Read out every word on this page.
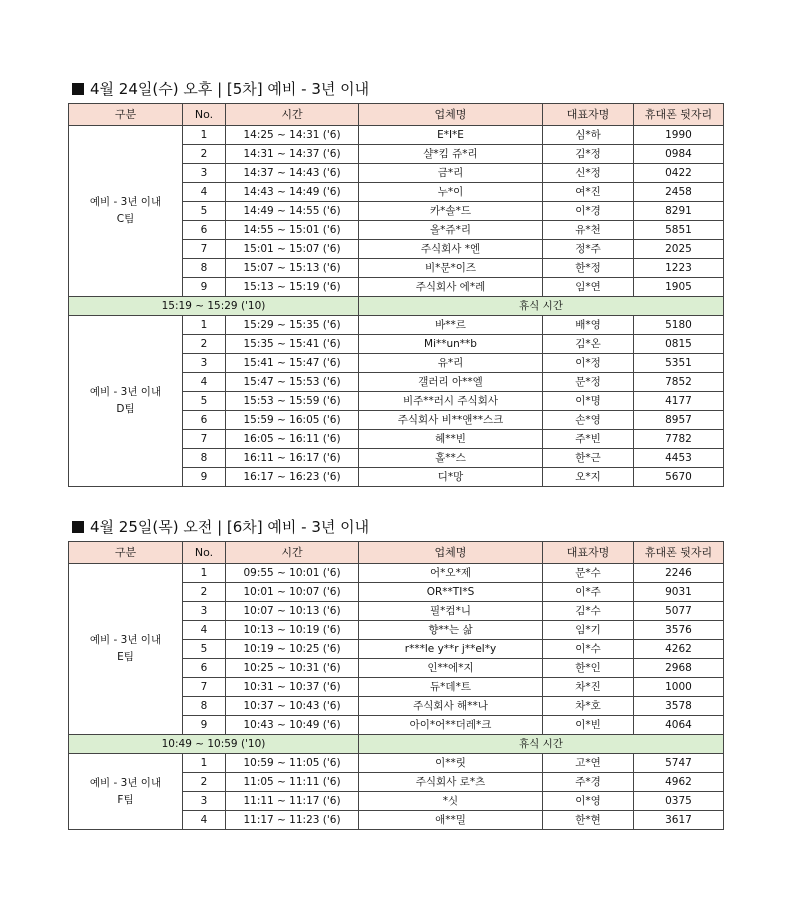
4월 24일(수) 오후 | [5차] 예비 - 3년 이내
구분	No.	시간	업체명	대표자명	휴대폰 뒷자리

예비 - 3년 이내
C팀	1	14:25 ~ 14:31 ('6)	E*I*E	심*하	1990
	2	14:31 ~ 14:37 ('6)	샬*킴 쥬*리	김*정	0984
	3	14:37 ~ 14:43 ('6)	금*리	신*정	0422
	4	14:43 ~ 14:49 ('6)	누*이	여*진	2458
	5	14:49 ~ 14:55 ('6)	카*솔*드	이*경	8291
	6	14:55 ~ 15:01 ('6)	올*쥬*리	유*천	5851
	7	15:01 ~ 15:07 ('6)	주식회사 *엔	정*주	2025
	8	15:07 ~ 15:13 ('6)	비*문*이즈	한*정	1223
	9	15:13 ~ 15:19 ('6)	주식회사 에*레	임*연	1905
15:19 ~ 15:29 ('10)			휴식 시간		

예비 - 3년 이내
D팀	1	15:29 ~ 15:35 ('6)	바**르	배*영	5180
	2	15:35 ~ 15:41 ('6)	Mi**un**b	김*온	0815
	3	15:41 ~ 15:47 ('6)	유*리	이*정	5351
	4	15:47 ~ 15:53 ('6)	갤러리 아**엘	문*정	7852
	5	15:53 ~ 15:59 ('6)	비주**러시 주식회사	이*명	4177
	6	15:59 ~ 16:05 ('6)	주식회사 비**앤**스크	손*영	8957
	7	16:05 ~ 16:11 ('6)	헤**빈	주*빈	7782
	8	16:11 ~ 16:17 ('6)	홀**스	한*근	4453
	9	16:17 ~ 16:23 ('6)	디*망	오*지	5670
4월 25일(목) 오전 | [6차] 예비 - 3년 이내
구분	No.	시간	업체명	대표자명	휴대폰 뒷자리

예비 - 3년 이내
E팀	1	09:55 ~ 10:01 ('6)	어*오*제	문*수	2246
	2	10:01 ~ 10:07 ('6)	OR**TI*S	이*주	9031
	3	10:07 ~ 10:13 ('6)	필*컴*니	김*수	5077
	4	10:13 ~ 10:19 ('6)	향**는 삶	임*기	3576
	5	10:19 ~ 10:25 ('6)	r***le y**r j**el*y	이*수	4262
	6	10:25 ~ 10:31 ('6)	인**에*지	한*인	2968
	7	10:31 ~ 10:37 ('6)	듀*데*트	차*진	1000
	8	10:37 ~ 10:43 ('6)	주식회사 해**나	차*호	3578
	9	10:43 ~ 10:49 ('6)	아이*어**더레*크	이*빈	4064
10:49 ~ 10:59 ('10)			휴식 시간		

예비 - 3년 이내
F팀	1	10:59 ~ 11:05 ('6)	이**릿	고*연	5747
	2	11:05 ~ 11:11 ('6)	주식회사 로*츠	주*경	4962
	3	11:11 ~ 11:17 ('6)	*싯	이*영	0375
	4	11:17 ~ 11:23 ('6)	애**밀	한*현	3617
